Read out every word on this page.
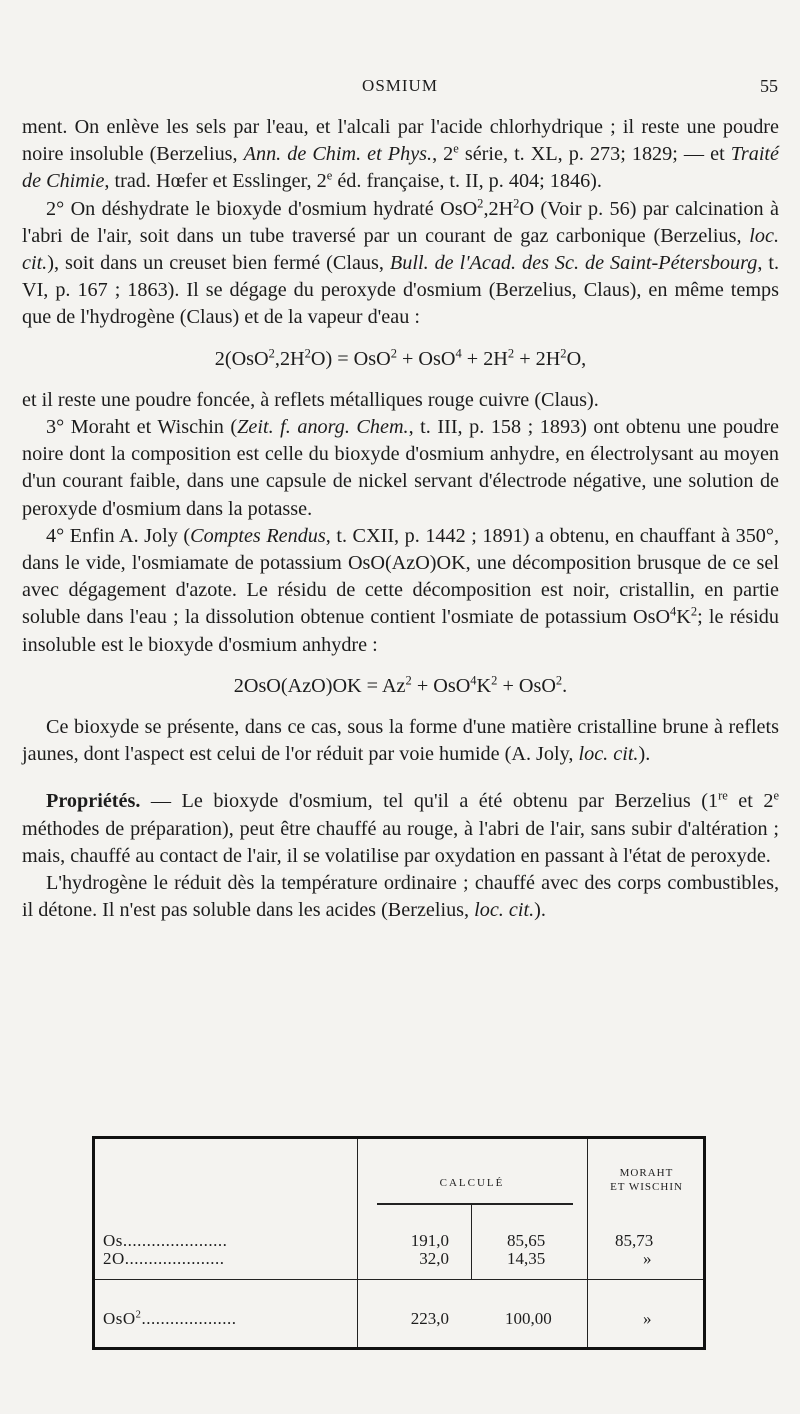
OSMIUM	55

ment. On enlève les sels par l'eau, et l'alcali par l'acide chlorhydrique ; il reste une poudre noire insoluble (Berzelius, Ann. de Chim. et Phys., 2e série, t. XL, p. 273; 1829; — et Traité de Chimie, trad. Hœfer et Esslinger, 2e éd. française, t. II, p. 404; 1846).

2° On déshydrate le bioxyde d'osmium hydraté $OsO^2,2H^2O$ (Voir p. 56) par calcination à l'abri de l'air, soit dans un tube traversé par un courant de gaz carbonique (Berzelius, loc. cit.), soit dans un creuset bien fermé (Claus, Bull. de l'Acad. des Sc. de Saint-Pétersbourg, t. VI, p. 167 ; 1863). Il se dégage du peroxyde d'osmium (Berzelius, Claus), en même temps que de l'hydrogène (Claus) et de la vapeur d'eau :

$2(OsO^2,2H^2O) = OsO^2 + OsO^4 + 2H^2 + 2H^2O$,

et il reste une poudre foncée, à reflets métalliques rouge cuivre (Claus).

3° Moraht et Wischin (Zeit. f. anorg. Chem., t. III, p. 158 ; 1893) ont obtenu une poudre noire dont la composition est celle du bioxyde d'osmium anhydre, en électrolysant au moyen d'un courant faible, dans une capsule de nickel servant d'électrode négative, une solution de peroxyde d'osmium dans la potasse.

4° Enfin A. Joly (Comptes Rendus, t. CXII, p. 1442 ; 1891) a obtenu, en chauffant à 350°, dans le vide, l'osmiamate de potassium OsO(AzO)OK, une décomposition brusque de ce sel avec dégagement d'azote. Le résidu de cette décomposition est noir, cristallin, en partie soluble dans l'eau ; la dissolution obtenue contient l'osmiate de potassium $OsO^4K^2$; le résidu insoluble est le bioxyde d'osmium anhydre :

$2OsO(AzO)OK = Az^2 + OsO^4K^2 + OsO^2$.

Ce bioxyde se présente, dans ce cas, sous la forme d'une matière cristalline brune à reflets jaunes, dont l'aspect est celui de l'or réduit par voie humide (A. Joly, loc. cit.).

Propriétés. — Le bioxyde d'osmium, tel qu'il a été obtenu par Berzelius (1re et 2e méthodes de préparation), peut être chauffé au rouge, à l'abri de l'air, sans subir d'altération ; mais, chauffé au contact de l'air, il se volatilise par oxydation en passant à l'état de peroxyde.

L'hydrogène le réduit dès la température ordinaire ; chauffé avec des corps combustibles, il détone. Il n'est pas soluble dans les acides (Berzelius, loc. cit.).

CALCULÉ
MORAHT
ET WISCHIN
Os......................	191,0	85,65	85,73
2O.....................	32,0	14,35	»
OsO$^2$....................	223,0	100,00	»
